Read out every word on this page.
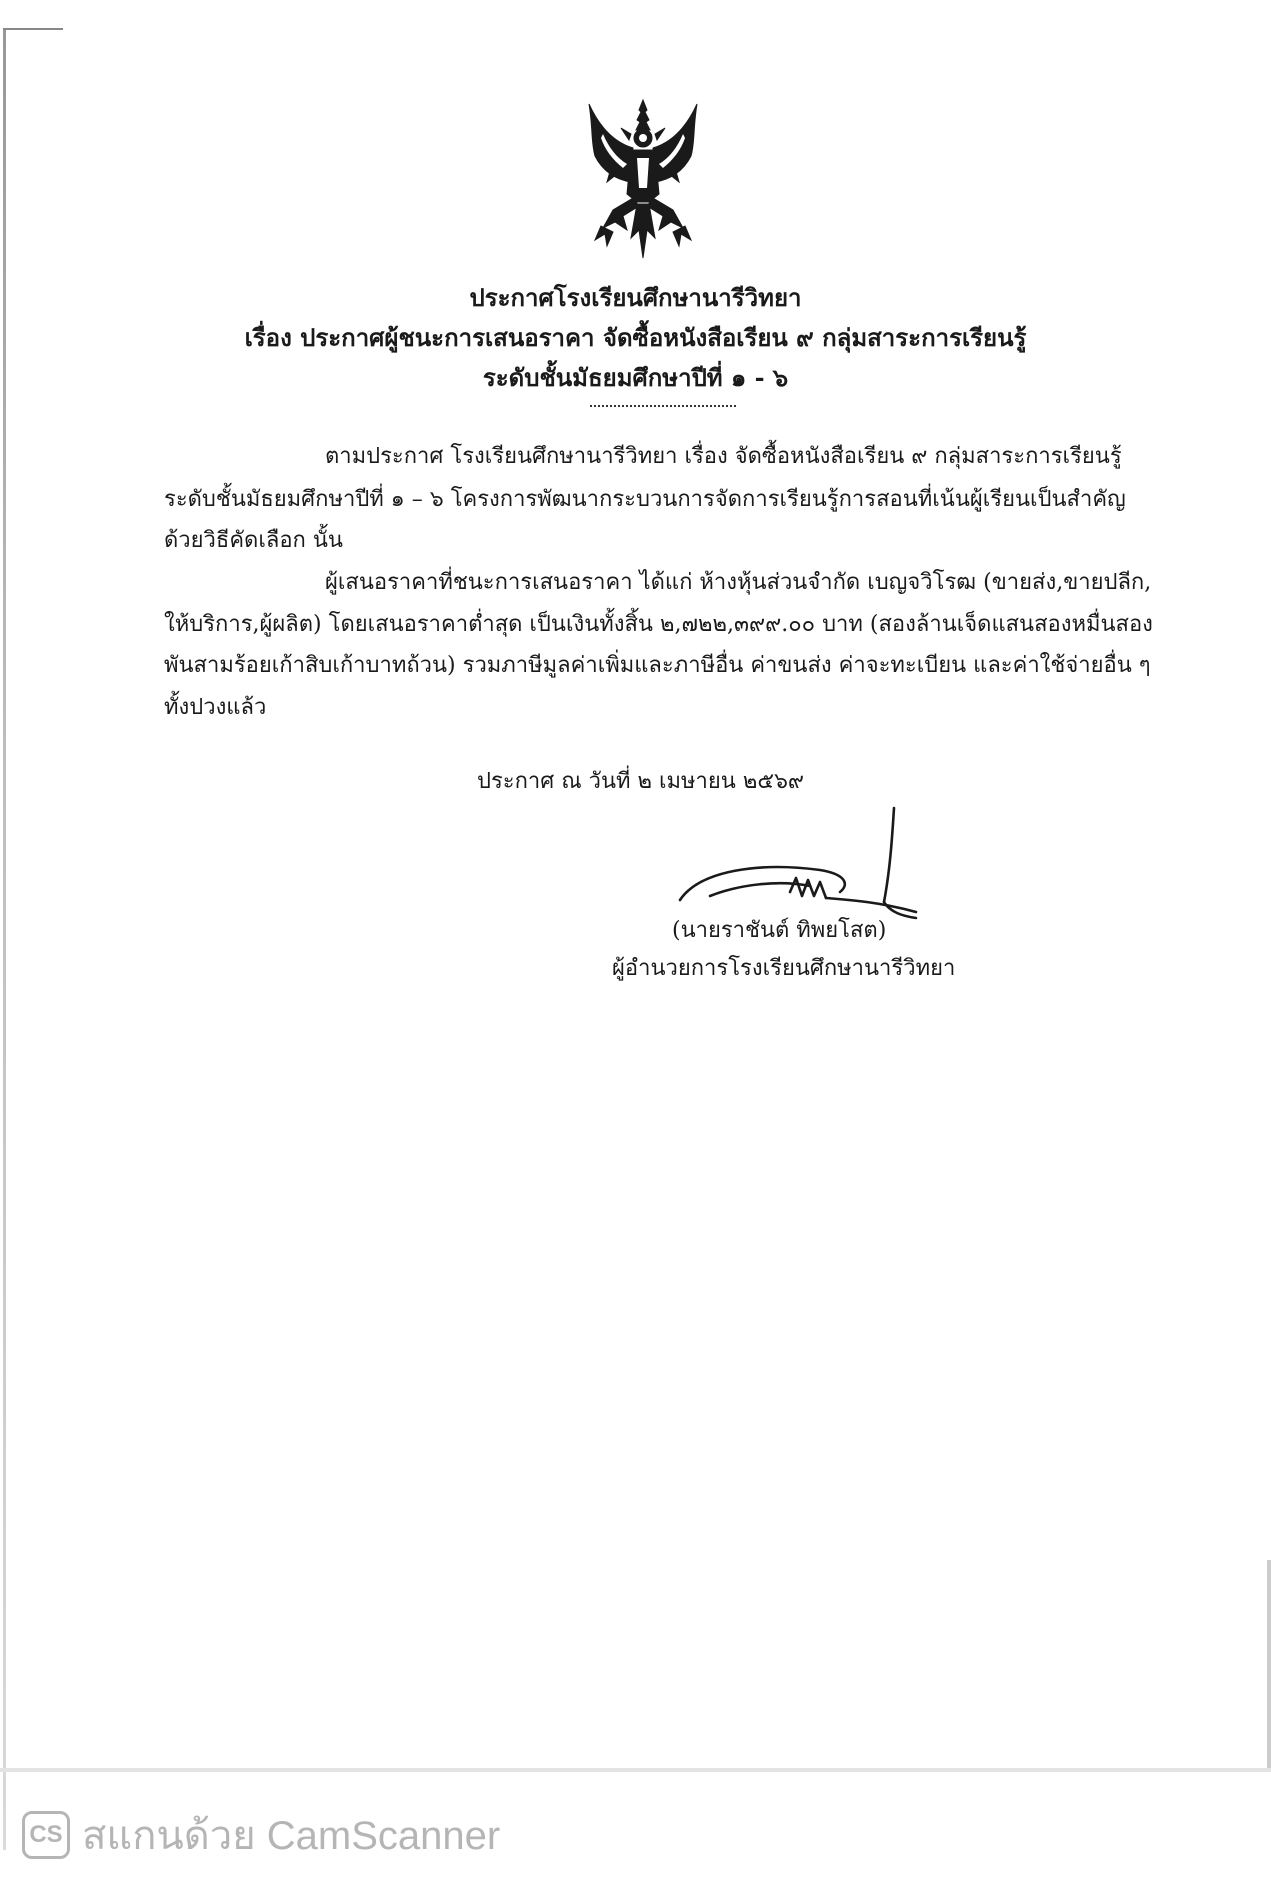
ประกาศโรงเรียนศึกษานารีวิทยา
เรื่อง ประกาศผู้ชนะการเสนอราคา จัดซื้อหนังสือเรียน ๙ กลุ่มสาระการเรียนรู้
ระดับชั้นมัธยมศึกษาปีที่ ๑ - ๖
ตามประกาศ โรงเรียนศึกษานารีวิทยา เรื่อง จัดซื้อหนังสือเรียน ๙ กลุ่มสาระการเรียนรู้
ระดับชั้นมัธยมศึกษาปีที่ ๑ – ๖ โครงการพัฒนากระบวนการจัดการเรียนรู้การสอนที่เน้นผู้เรียนเป็นสำคัญ
ด้วยวิธีคัดเลือก นั้น
ผู้เสนอราคาที่ชนะการเสนอราคา ได้แก่ ห้างหุ้นส่วนจำกัด เบญจวิโรฒ (ขายส่ง,ขายปลีก,
ให้บริการ,ผู้ผลิต) โดยเสนอราคาต่ำสุด เป็นเงินทั้งสิ้น ๒,๗๒๒,๓๙๙.๐๐ บาท (สองล้านเจ็ดแสนสองหมื่นสอง
พันสามร้อยเก้าสิบเก้าบาทถ้วน) รวมภาษีมูลค่าเพิ่มและภาษีอื่น ค่าขนส่ง ค่าจะทะเบียน และค่าใช้จ่ายอื่น ๆ
ทั้งปวงแล้ว
ประกาศ ณ วันที่ ๒ เมษายน ๒๕๖๙
(นายราชันต์ ทิพยโสต)
ผู้อำนวยการโรงเรียนศึกษานารีวิทยา
CS สแกนด้วย CamScanner
